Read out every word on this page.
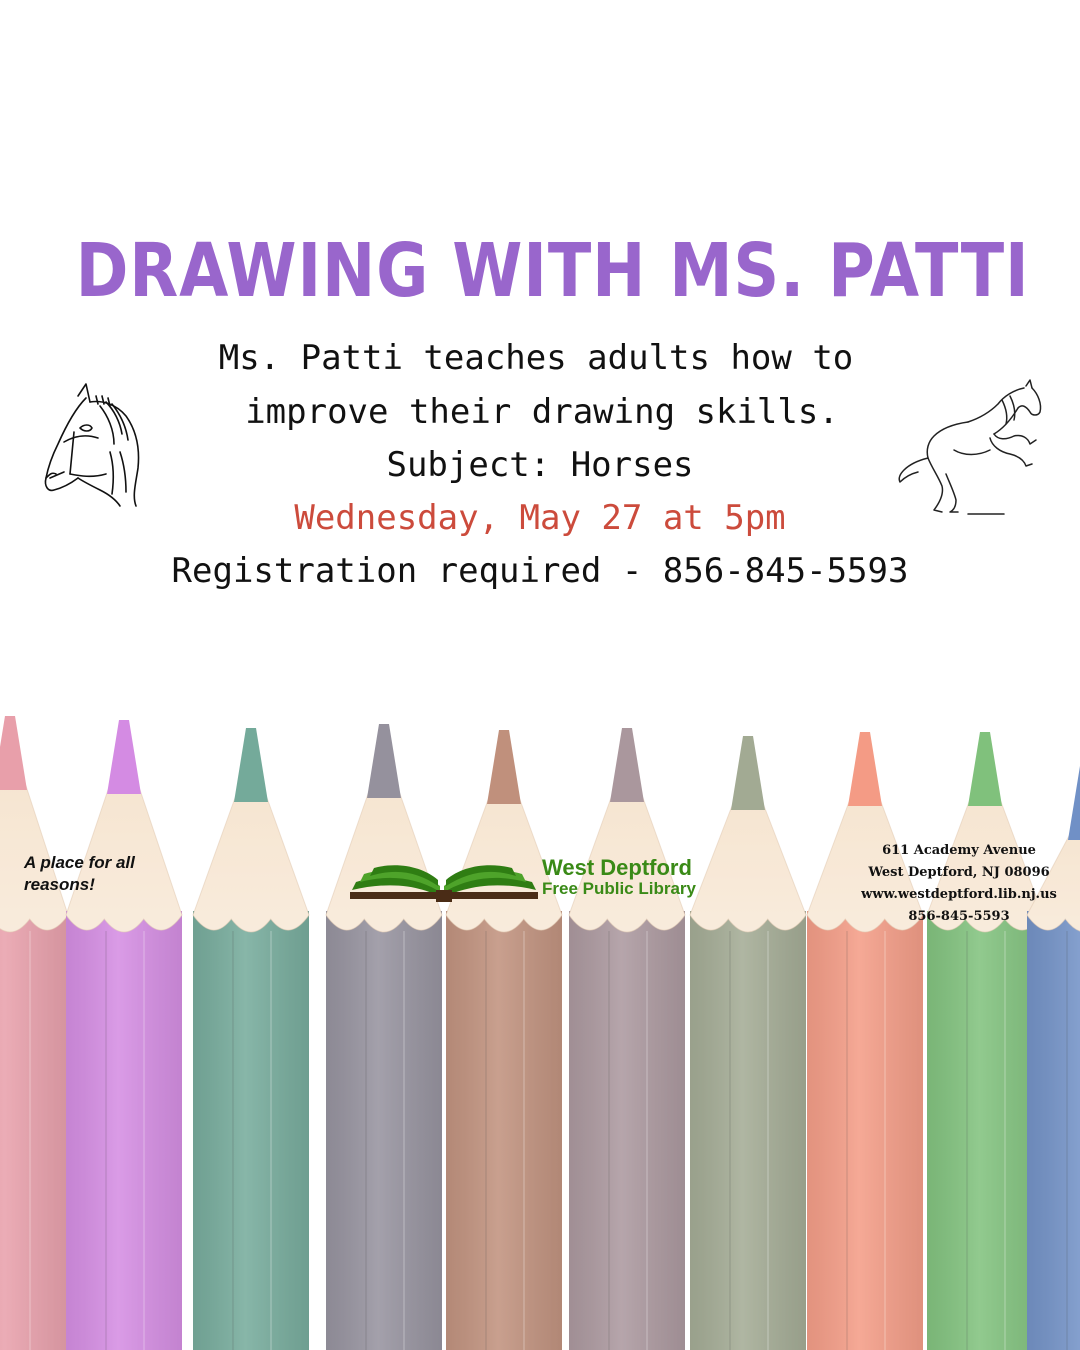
DRAWING WITH MS. PATTI
Ms. Patti teaches adults how to
improve their drawing skills.
Subject: Horses
Wednesday, May 27 at 5pm
Registration required - 856-845-5593
A place for all reasons!
West Deptford
Free Public Library
611 Academy Avenue
West Deptford, NJ 08096
www.westdeptford.lib.nj.us
856-845-5593
